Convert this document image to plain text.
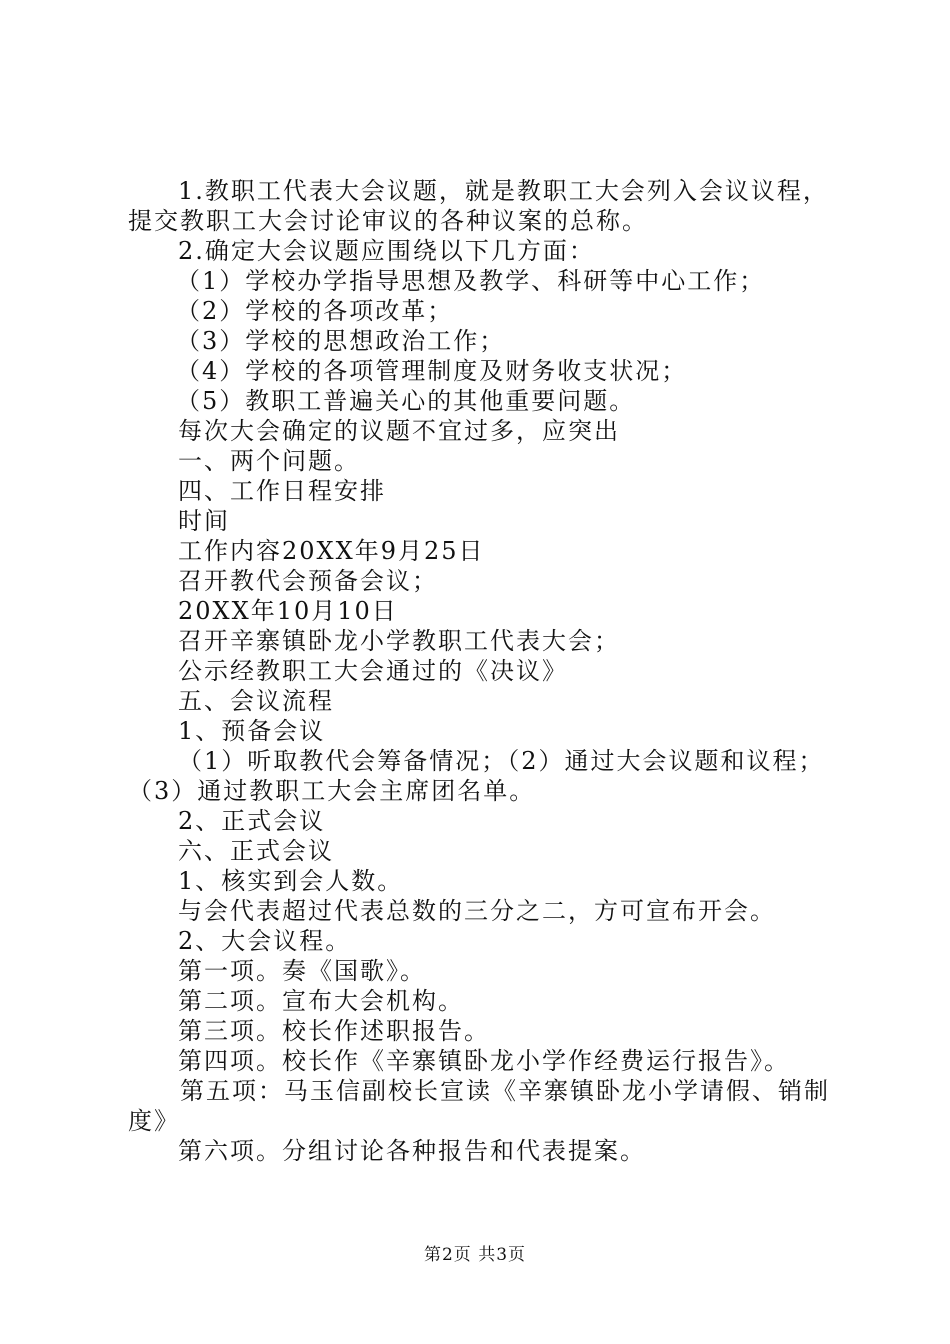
1.教职工代表大会议题，就是教职工大会列入会议议程，提交教职工大会讨论审议的各种议案的总称。
2.确定大会议题应围绕以下几方面：
（1）学校办学指导思想及教学、科研等中心工作；
（2）学校的各项改革；
（3）学校的思想政治工作；
（4）学校的各项管理制度及财务收支状况；
（5）教职工普遍关心的其他重要问题。
每次大会确定的议题不宜过多，应突出
一、两个问题。
四、工作日程安排
时间
工作内容20XX年9月25日
召开教代会预备会议；
20XX年10月10日
召开辛寨镇卧龙小学教职工代表大会；
公示经教职工大会通过的《决议》
五、会议流程
1、预备会议
（1）听取教代会筹备情况；（2）通过大会议题和议程；（3）通过教职工大会主席团名单。
2、正式会议
六、正式会议
1、核实到会人数。
与会代表超过代表总数的三分之二，方可宣布开会。
2、大会议程。
第一项。奏《国歌》。
第二项。宣布大会机构。
第三项。校长作述职报告。
第四项。校长作《辛寨镇卧龙小学作经费运行报告》。
第五项：马玉信副校长宣读《辛寨镇卧龙小学请假、销制度》
第六项。分组讨论各种报告和代表提案。
第2页 共3页
